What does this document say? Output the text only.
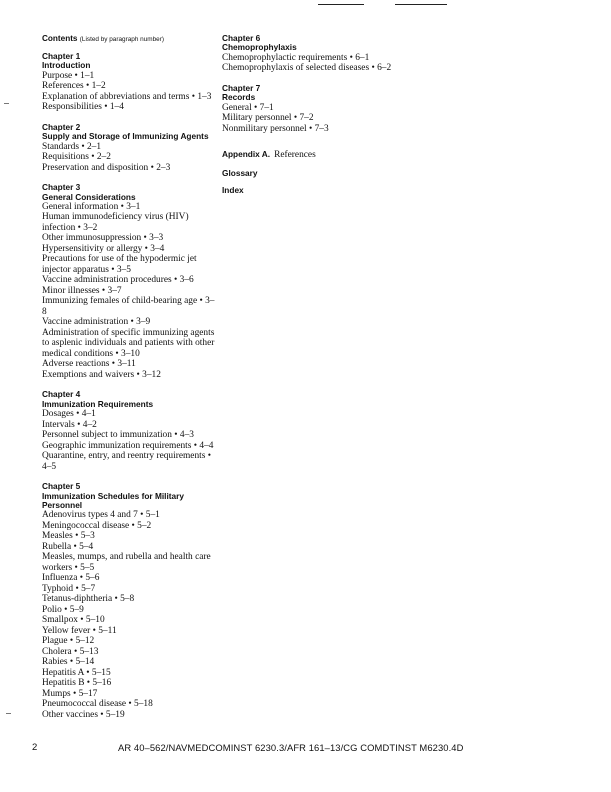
Contents (Listed by paragraph number)
Chapter 1
Introduction
Purpose • 1–1
References • 1–2
Explanation of abbreviations and terms • 1–3
Responsibilities • 1–4
Chapter 2
Supply and Storage of Immunizing Agents
Standards • 2–1
Requisitions • 2–2
Preservation and disposition • 2–3
Chapter 3
General Considerations
General information • 3–1
Human immunodeficiency virus (HIV) infection • 3–2
Other immunosuppression • 3–3
Hypersensitivity or allergy • 3–4
Precautions for use of the hypodermic jet injector apparatus • 3–5
Vaccine administration procedures • 3–6
Minor illnesses • 3–7
Immunizing females of child-bearing age • 3–8
Vaccine administration • 3–9
Administration of specific immunizing agents to asplenic individuals and patients with other medical conditions • 3–10
Adverse reactions • 3–11
Exemptions and waivers • 3–12
Chapter 4
Immunization Requirements
Dosages • 4–1
Intervals • 4–2
Personnel subject to immunization • 4–3
Geographic immunization requirements • 4–4
Quarantine, entry, and reentry requirements • 4–5
Chapter 5
Immunization Schedules for Military Personnel
Adenovirus types 4 and 7 • 5–1
Meningococcal disease • 5–2
Measles • 5–3
Rubella • 5–4
Measles, mumps, and rubella and health care workers • 5–5
Influenza • 5–6
Typhoid • 5–7
Tetanus-diphtheria • 5–8
Polio • 5–9
Smallpox • 5–10
Yellow fever • 5–11
Plague • 5–12
Cholera • 5–13
Rabies • 5–14
Hepatitis A • 5–15
Hepatitis B • 5–16
Mumps • 5–17
Pneumococcal disease • 5–18
Other vaccines • 5–19
Chapter 6
Chemoprophylaxis
Chemoprophylactic requirements • 6–1
Chemoprophylaxis of selected diseases • 6–2
Chapter 7
Records
General • 7–1
Military personnel • 7–2
Nonmilitary personnel • 7–3
Appendix A. References
Glossary
Index
2	AR 40–562/NAVMEDCOMINST 6230.3/AFR 161–13/CG COMDTINST M6230.4D
